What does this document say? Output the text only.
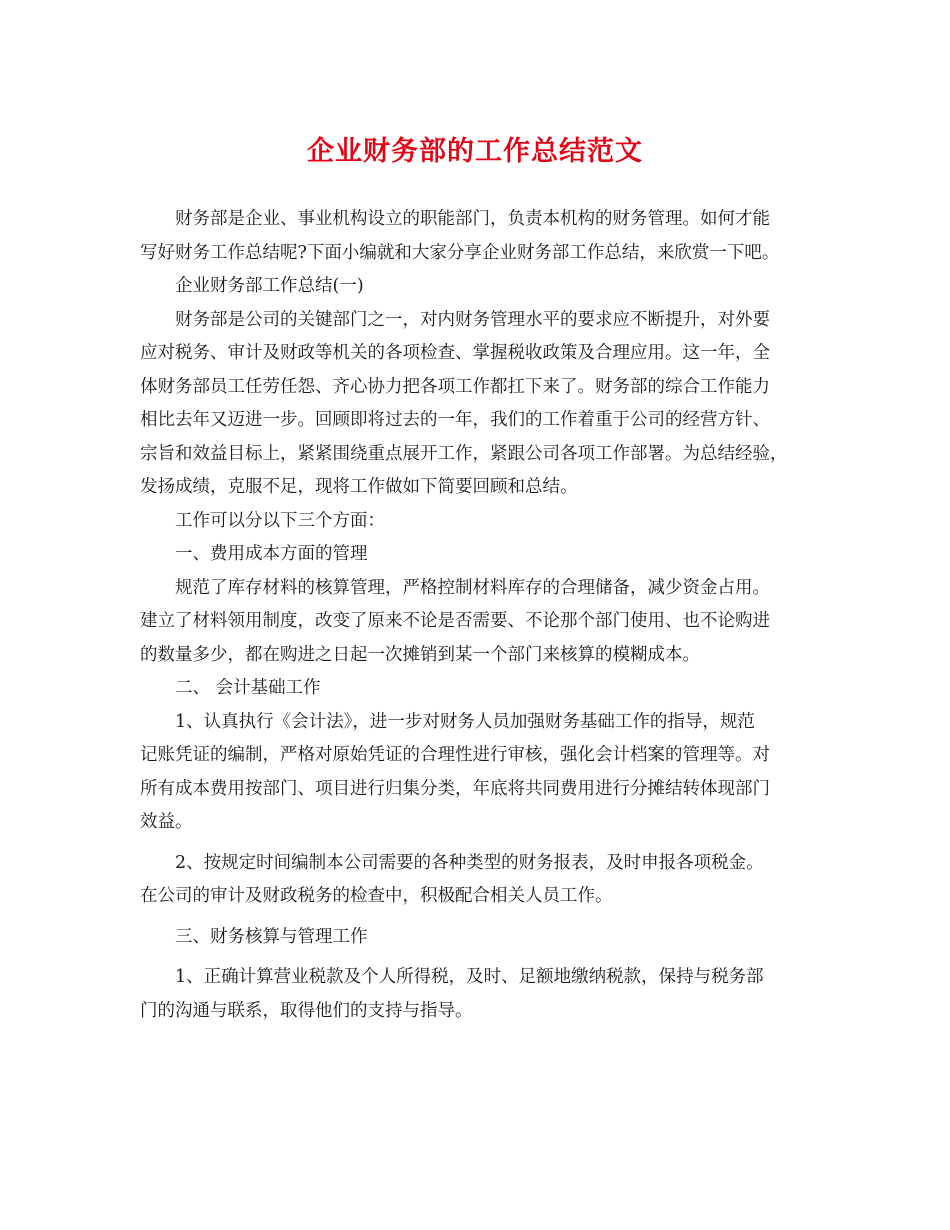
企业财务部的工作总结范文

财务部是企业、事业机构设立的职能部门，负责本机构的财务管理。如何才能
写好财务工作总结呢?下面小编就和大家分享企业财务部工作总结，来欣赏一下吧。

企业财务部工作总结(一)

财务部是公司的关键部门之一，对内财务管理水平的要求应不断提升，对外要
应对税务、审计及财政等机关的各项检查、掌握税收政策及合理应用。这一年，全
体财务部员工任劳任怨、齐心协力把各项工作都扛下来了。财务部的综合工作能力
相比去年又迈进一步。回顾即将过去的一年，我们的工作着重于公司的经营方针、
宗旨和效益目标上，紧紧围绕重点展开工作，紧跟公司各项工作部署。为总结经验，
发扬成绩，克服不足，现将工作做如下简要回顾和总结。

工作可以分以下三个方面：

一、费用成本方面的管理

规范了库存材料的核算管理，严格控制材料库存的合理储备，减少资金占用。
建立了材料领用制度，改变了原来不论是否需要、不论那个部门使用、也不论购进
的数量多少，都在购进之日起一次摊销到某一个部门来核算的模糊成本。

二、 会计基础工作

1、认真执行《会计法》，进一步对财务人员加强财务基础工作的指导，规范
记账凭证的编制，严格对原始凭证的合理性进行审核，强化会计档案的管理等。对
所有成本费用按部门、项目进行归集分类，年底将共同费用进行分摊结转体现部门
效益。

2、按规定时间编制本公司需要的各种类型的财务报表，及时申报各项税金。
在公司的审计及财政税务的检查中，积极配合相关人员工作。

三、财务核算与管理工作

1、正确计算营业税款及个人所得税，及时、足额地缴纳税款，保持与税务部
门的沟通与联系，取得他们的支持与指导。
